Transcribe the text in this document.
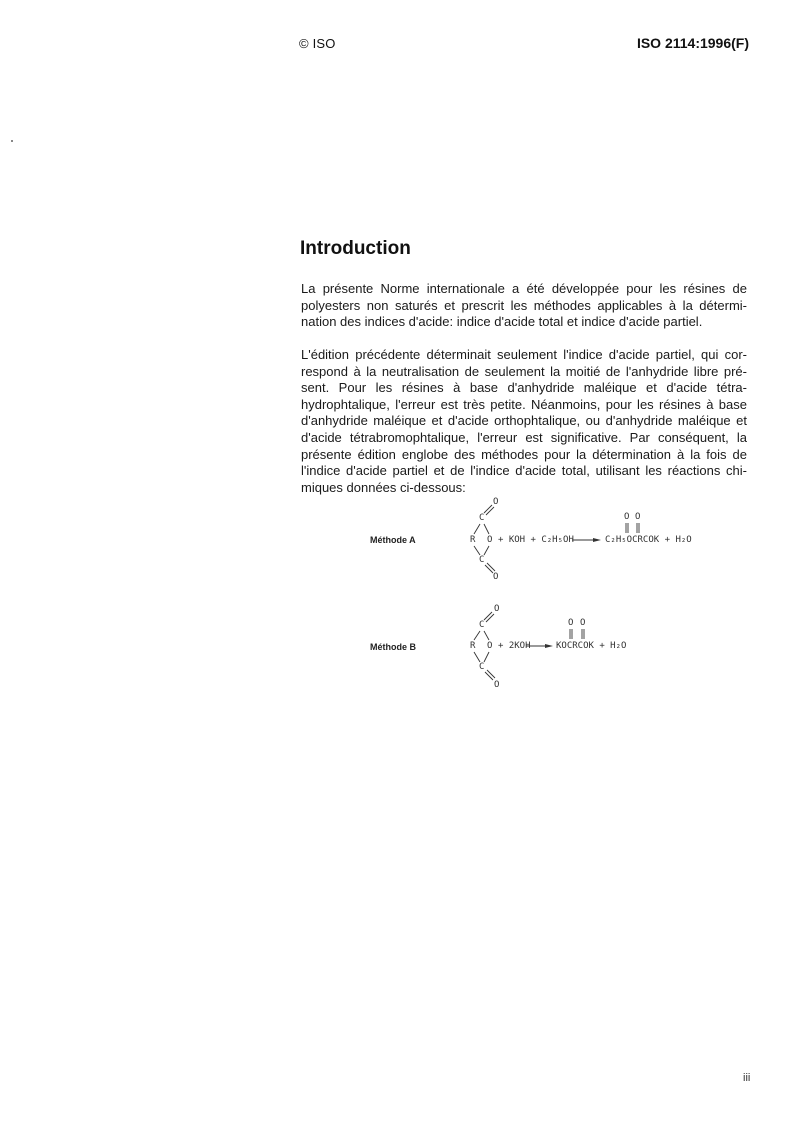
© ISO	ISO 2114:1996(F)
Introduction
La présente Norme internationale a été développée pour les résines de
polyesters non saturés et prescrit les méthodes applicables à la détermi-
nation des indices d'acide: indice d'acide total et indice d'acide partiel.
L'édition précédente déterminait seulement l'indice d'acide partiel, qui cor-
respond à la neutralisation de seulement la moitié de l'anhydride libre pré-
sent. Pour les résines à base d'anhydride maléique et d'acide tétra-
hydrophtalique, l'erreur est très petite. Néanmoins, pour les résines à base
d'anhydride maléique et d'acide orthophtalique, ou d'anhydride maléique et
d'acide tétrabromophtalique, l'erreur est significative. Par conséquent, la
présente édition englobe des méthodes pour la détermination à la fois de
l'indice d'acide partiel et de l'indice d'acide total, utilisant les réactions chi-
miques données ci-dessous:
Méthode A
O
C
R O
C
O
+ KOH + C₂H₅OH
O O
C₂H₅OCRCOK + H₂O
Méthode B
O
C
R O
C
O
+ 2KOH
O O
KOCRCOK + H₂O
iii
